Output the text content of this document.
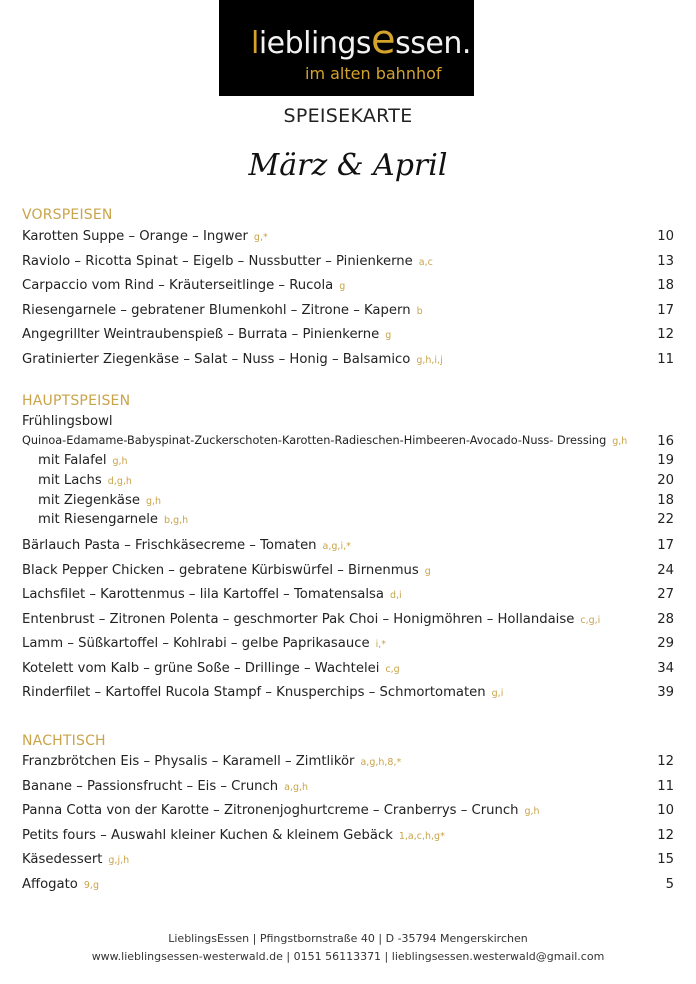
lieblingsessen.
im alten bahnhof
SPEISEKARTE
März & April
VORSPEISEN
Karotten Suppe – Orange – Ingwer g,*	10
Raviolo – Ricotta Spinat – Eigelb – Nussbutter – Pinienkerne a,c	13
Carpaccio vom Rind – Kräuterseitlinge – Rucola g	18
Riesengarnele – gebratener Blumenkohl – Zitrone – Kapern b	17
Angegrillter Weintraubenspieß – Burrata – Pinienkerne g	12
Gratinierter Ziegenkäse – Salat – Nuss – Honig – Balsamico g,h,i,j	11
HAUPTSPEISEN
Frühlingsbowl
Quinoa-Edamame-Babyspinat-Zuckerschoten-Karotten-Radieschen-Himbeeren-Avocado-Nuss- Dressing g,h 16
mit Falafel g,h	19
mit Lachs d,g,h	20
mit Ziegenkäse g,h	18
mit Riesengarnele b,g,h	22
Bärlauch Pasta – Frischkäsecreme – Tomaten a,g,i,*	17
Black Pepper Chicken – gebratene Kürbiswürfel – Birnenmus g	24
Lachsfilet – Karottenmus – lila Kartoffel – Tomatensalsa d,i	27
Entenbrust – Zitronen Polenta – geschmorter Pak Choi – Honigmöhren – Hollandaise c,g,i	28
Lamm – Süßkartoffel – Kohlrabi – gelbe Paprikasauce i,*	29
Kotelett vom Kalb – grüne Soße – Drillinge – Wachtelei c,g	34
Rinderfilet – Kartoffel Rucola Stampf – Knusperchips – Schmortomaten g,i	39
NACHTISCH
Franzbrötchen Eis – Physalis – Karamell – Zimtlikör a,g,h,8,*	12
Banane – Passionsfrucht – Eis – Crunch a,g,h	11
Panna Cotta von der Karotte – Zitronenjoghurtcreme – Cranberrys – Crunch g,h	10
Petits fours – Auswahl kleiner Kuchen & kleinem Gebäck 1,a,c,h,g*	12
Käsedessert g,j,h	15
Affogato 9,g	5
LieblingsEssen | Pfingstbornstraße 40 | D -35794 Mengerskirchen
www.lieblingsessen-westerwald.de | 0151 56113371 | lieblingsessen.westerwald@gmail.com
